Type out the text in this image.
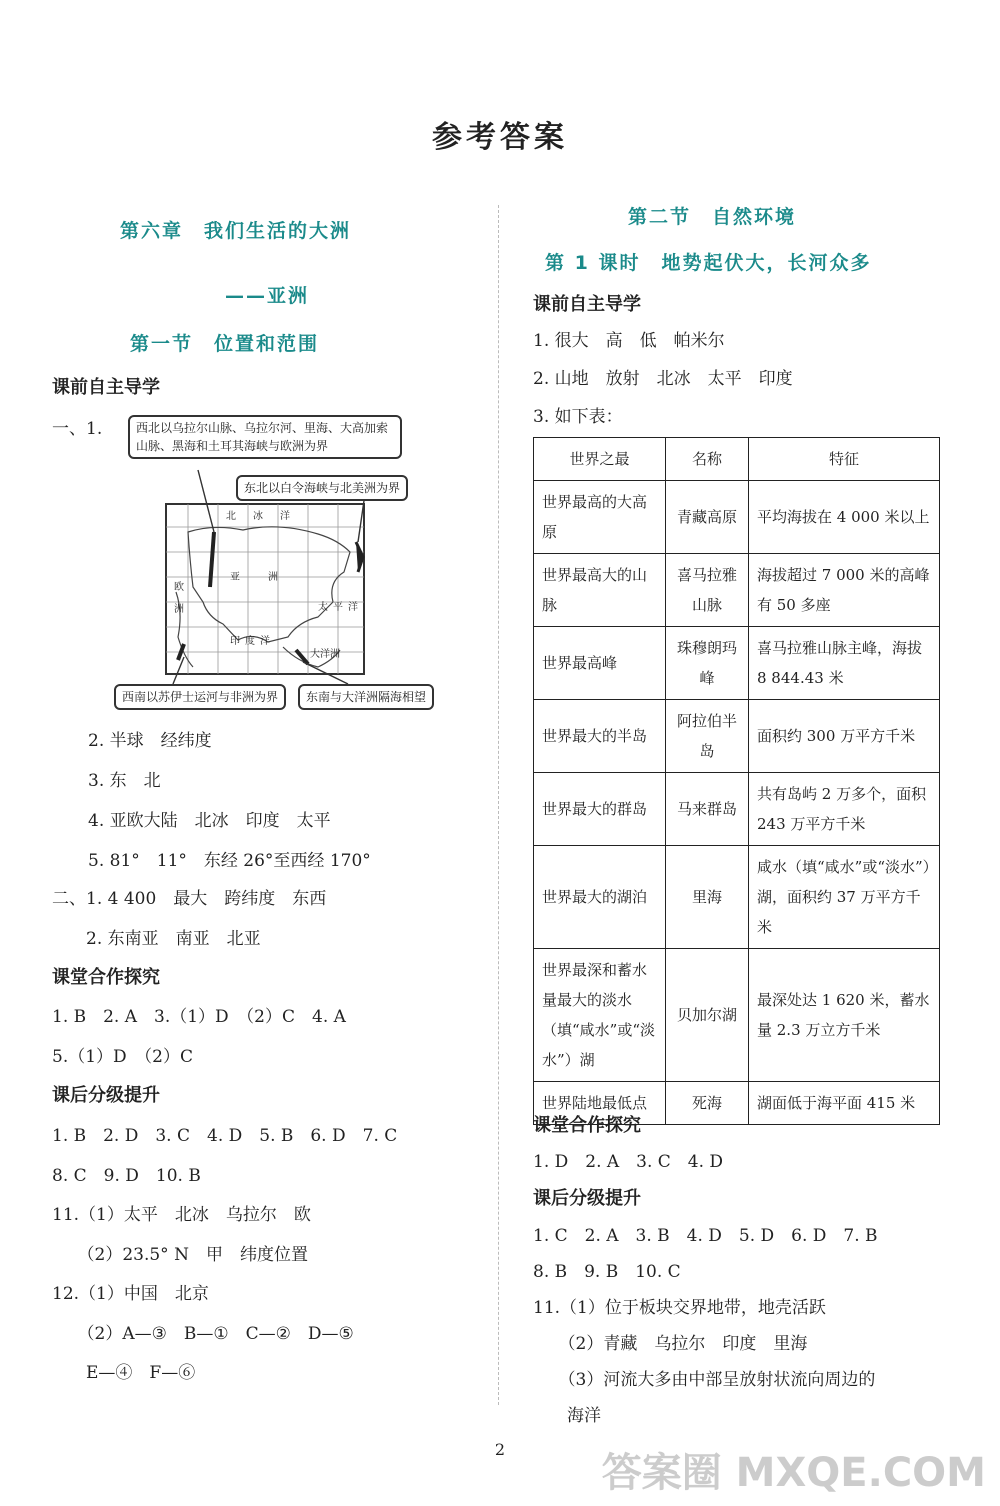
参考答案
第六章　我们生活的大洲
——亚洲
第一节　位置和范围
课前自主导学
一、1.
北 冰 洋
欧
洲
亚	洲
太 平 洋
印 度 洋
大洋洲
西北以乌拉尔山脉、乌拉尔河、里海、大高加索山脉、黑海和土耳其海峡与欧洲为界
东北以白令海峡与北美洲为界
西南以苏伊士运河与非洲为界	东南与大洋洲隔海相望
2. 半球　经纬度
3. 东　北
4. 亚欧大陆　北冰　印度　太平
5. 81°　11°　东经 26°至西经 170°
二、1. 4 400　最大　跨纬度　东西
　　2. 东南亚　南亚　北亚
课堂合作探究
1. B　2. A　3.（1）D　（2）C　4. A
5.（1）D　（2）C
课后分级提升
1. B　2. D　3. C　4. D　5. B　6. D　7. C
8. C　9. D　10. B
11.（1）太平　北冰　乌拉尔　欧
　　（2）23.5° N　甲　纬度位置
12.（1）中国　北京
　　（2）A—③　B—①　C—②　D—⑤
　　E—④　F—⑥
第二节　自然环境
第 1 课时　地势起伏大，长河众多
课前自主导学
1. 很大　高　低　帕米尔
2. 山地　放射　北冰　太平　印度
3. 如下表：
世界之最	名称	特征
世界最高的大高原	青藏高原	平均海拔在 4 000 米以上
世界最高大的山脉	喜马拉雅山脉	海拔超过 7 000 米的高峰有 50 多座
世界最高峰	珠穆朗玛峰	喜马拉雅山脉主峰，海拔 8 844.43 米
世界最大的半岛	阿拉伯半岛	面积约 300 万平方千米
世界最大的群岛	马来群岛	共有岛屿 2 万多个，面积 243 万平方千米
世界最大的湖泊	里海	咸水（填“咸水”或“淡水”）湖，面积约 37 万平方千米
世界最深和蓄水量最大的淡水（填“咸水”或“淡水”）湖	贝加尔湖	最深处达 1 620 米，蓄水量 2.3 万立方千米
世界陆地最低点	死海	湖面低于海平面 415 米
课堂合作探究
1. D　2. A　3. C　4. D
课后分级提升
1. C　2. A　3. B　4. D　5. D　6. D　7. B
8. B　9. B　10. C
11.（1）位于板块交界地带，地壳活跃
　　（2）青藏　乌拉尔　印度　里海
　　（3）河流大多由中部呈放射状流向周边的
　　海洋
2
答案圈 MXQE.COM
